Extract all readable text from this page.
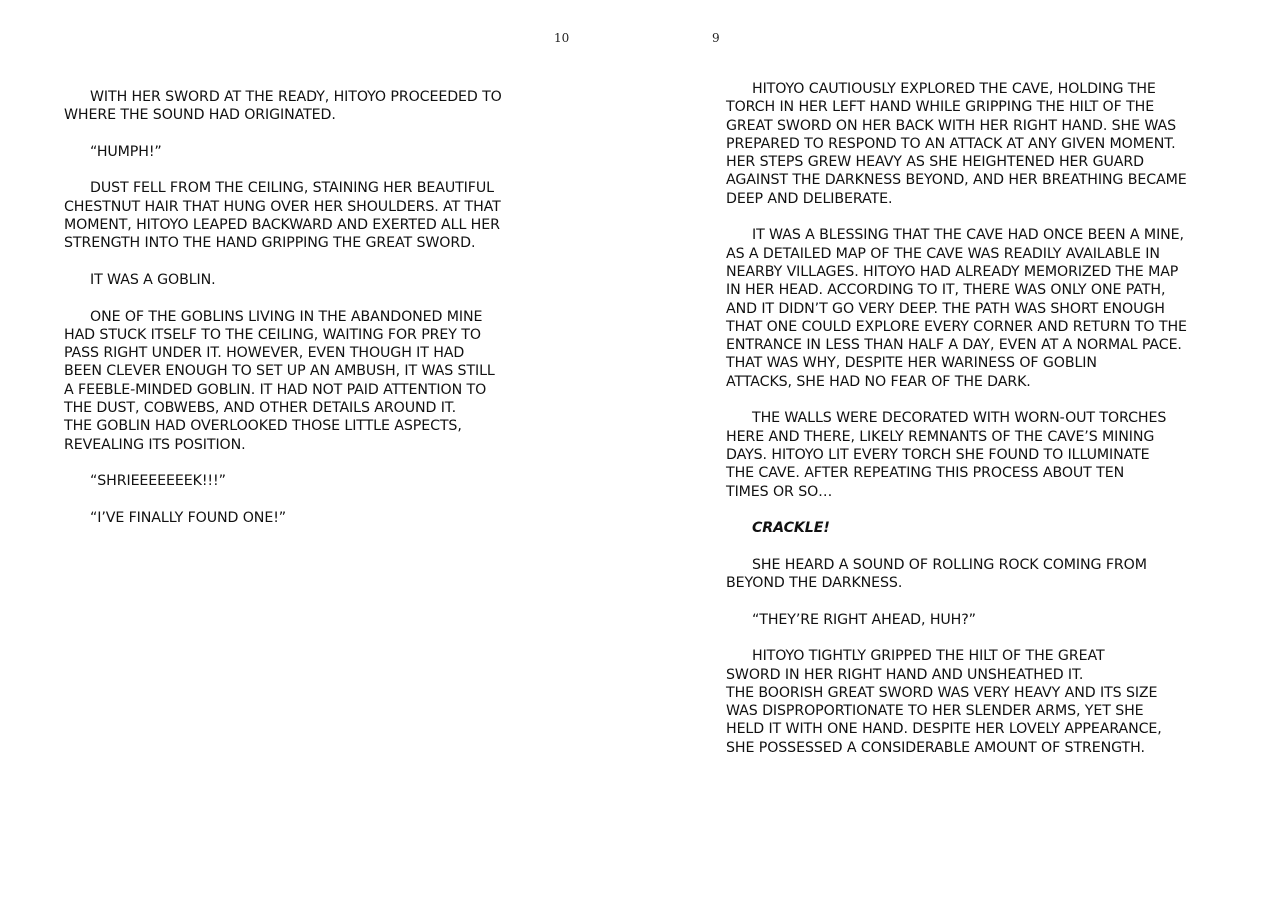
10	9
WITH HER SWORD AT THE READY, HITOYO PROCEEDED TO
WHERE THE SOUND HAD ORIGINATED.
“HUMPH!”
DUST FELL FROM THE CEILING, STAINING HER BEAUTIFUL
CHESTNUT HAIR THAT HUNG OVER HER SHOULDERS. AT THAT
MOMENT, HITOYO LEAPED BACKWARD AND EXERTED ALL HER
STRENGTH INTO THE HAND GRIPPING THE GREAT SWORD.
IT WAS A GOBLIN.
ONE OF THE GOBLINS LIVING IN THE ABANDONED MINE
HAD STUCK ITSELF TO THE CEILING, WAITING FOR PREY TO
PASS RIGHT UNDER IT. HOWEVER, EVEN THOUGH IT HAD
BEEN CLEVER ENOUGH TO SET UP AN AMBUSH, IT WAS STILL
A FEEBLE-MINDED GOBLIN. IT HAD NOT PAID ATTENTION TO
THE DUST, COBWEBS, AND OTHER DETAILS AROUND IT.
THE GOBLIN HAD OVERLOOKED THOSE LITTLE ASPECTS,
REVEALING ITS POSITION.
“SHRIEEEEEEEK!!!”
“I’VE FINALLY FOUND ONE!”
HITOYO CAUTIOUSLY EXPLORED THE CAVE, HOLDING THE
TORCH IN HER LEFT HAND WHILE GRIPPING THE HILT OF THE
GREAT SWORD ON HER BACK WITH HER RIGHT HAND. SHE WAS
PREPARED TO RESPOND TO AN ATTACK AT ANY GIVEN MOMENT.
HER STEPS GREW HEAVY AS SHE HEIGHTENED HER GUARD
AGAINST THE DARKNESS BEYOND, AND HER BREATHING BECAME
DEEP AND DELIBERATE.
IT WAS A BLESSING THAT THE CAVE HAD ONCE BEEN A MINE,
AS A DETAILED MAP OF THE CAVE WAS READILY AVAILABLE IN
NEARBY VILLAGES. HITOYO HAD ALREADY MEMORIZED THE MAP
IN HER HEAD. ACCORDING TO IT, THERE WAS ONLY ONE PATH,
AND IT DIDN’T GO VERY DEEP. THE PATH WAS SHORT ENOUGH
THAT ONE COULD EXPLORE EVERY CORNER AND RETURN TO THE
ENTRANCE IN LESS THAN HALF A DAY, EVEN AT A NORMAL PACE.
THAT WAS WHY, DESPITE HER WARINESS OF GOBLIN
ATTACKS, SHE HAD NO FEAR OF THE DARK.
THE WALLS WERE DECORATED WITH WORN-OUT TORCHES
HERE AND THERE, LIKELY REMNANTS OF THE CAVE’S MINING
DAYS. HITOYO LIT EVERY TORCH SHE FOUND TO ILLUMINATE
THE CAVE. AFTER REPEATING THIS PROCESS ABOUT TEN
TIMES OR SO…
CRACKLE!
SHE HEARD A SOUND OF ROLLING ROCK COMING FROM
BEYOND THE DARKNESS.
“THEY’RE RIGHT AHEAD, HUH?”
HITOYO TIGHTLY GRIPPED THE HILT OF THE GREAT
SWORD IN HER RIGHT HAND AND UNSHEATHED IT.
THE BOORISH GREAT SWORD WAS VERY HEAVY AND ITS SIZE
WAS DISPROPORTIONATE TO HER SLENDER ARMS, YET SHE
HELD IT WITH ONE HAND. DESPITE HER LOVELY APPEARANCE,
SHE POSSESSED A CONSIDERABLE AMOUNT OF STRENGTH.
